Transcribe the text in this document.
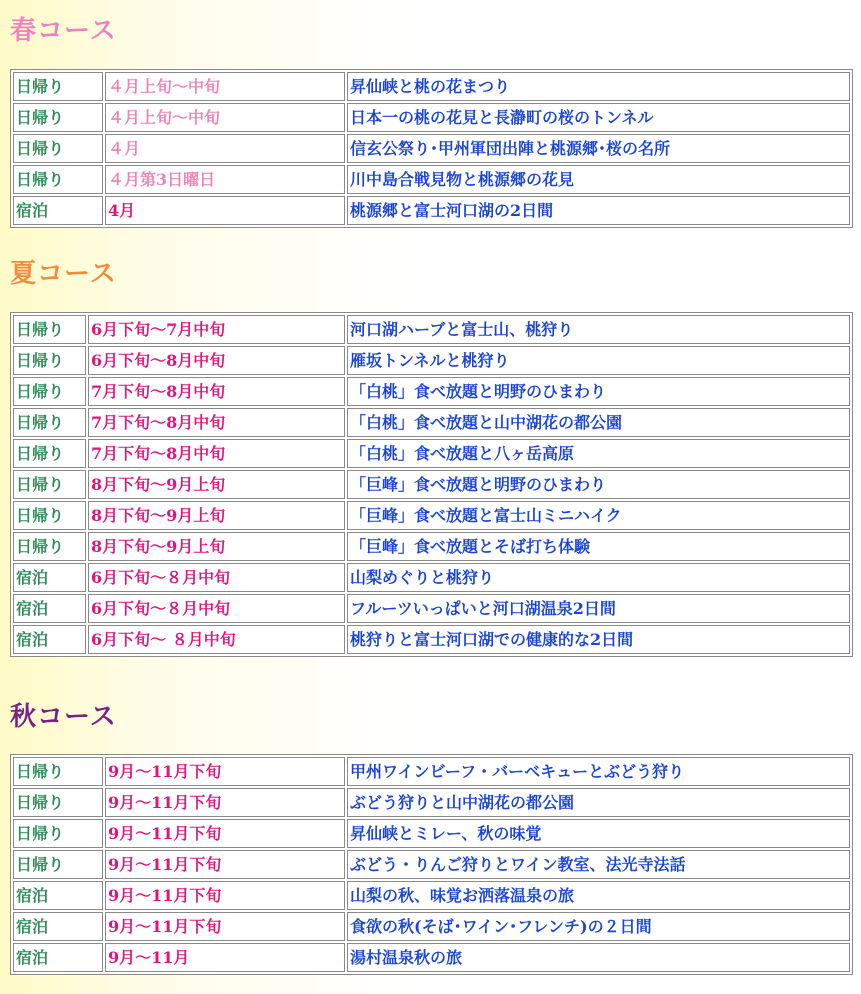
春コース
日帰り	４月上旬～中旬	昇仙峡と桃の花まつり
日帰り	４月上旬～中旬	日本一の桃の花見と長瀞町の桜のトンネル
日帰り	４月	信玄公祭り･甲州軍団出陣と桃源郷･桜の名所
日帰り	４月第3日曜日	川中島合戦見物と桃源郷の花見
宿泊	4月	桃源郷と富士河口湖の2日間
夏コース
日帰り	6月下旬～7月中旬	河口湖ハーブと富士山、桃狩り
日帰り	6月下旬～8月中旬	雁坂トンネルと桃狩り
日帰り	7月下旬～8月中旬	「白桃」食べ放題と明野のひまわり
日帰り	7月下旬～8月中旬	「白桃」食べ放題と山中湖花の都公園
日帰り	7月下旬～8月中旬	「白桃」食べ放題と八ヶ岳高原
日帰り	8月下旬～9月上旬	「巨峰」食べ放題と明野のひまわり
日帰り	8月下旬～9月上旬	「巨峰」食べ放題と富士山ミニハイク
日帰り	8月下旬～9月上旬	「巨峰」食べ放題とそば打ち体験
宿泊	6月下旬～８月中旬	山梨めぐりと桃狩り
宿泊	6月下旬～８月中旬	フルーツいっぱいと河口湖温泉2日間
宿泊	6月下旬～ ８月中旬	桃狩りと富士河口湖での健康的な2日間
秋コース
日帰り	9月～11月下旬	甲州ワインビーフ・バーベキューとぶどう狩り
日帰り	9月～11月下旬	ぶどう狩りと山中湖花の都公園
日帰り	9月～11月下旬	昇仙峡とミレー、秋の味覚
日帰り	9月～11月下旬	ぶどう・りんご狩りとワイン教室、法光寺法話
宿泊	9月～11月下旬	山梨の秋、味覚お洒落温泉の旅
宿泊	9月～11月下旬	食欲の秋(そば･ワイン･フレンチ)の２日間
宿泊	9月～11月	湯村温泉秋の旅
